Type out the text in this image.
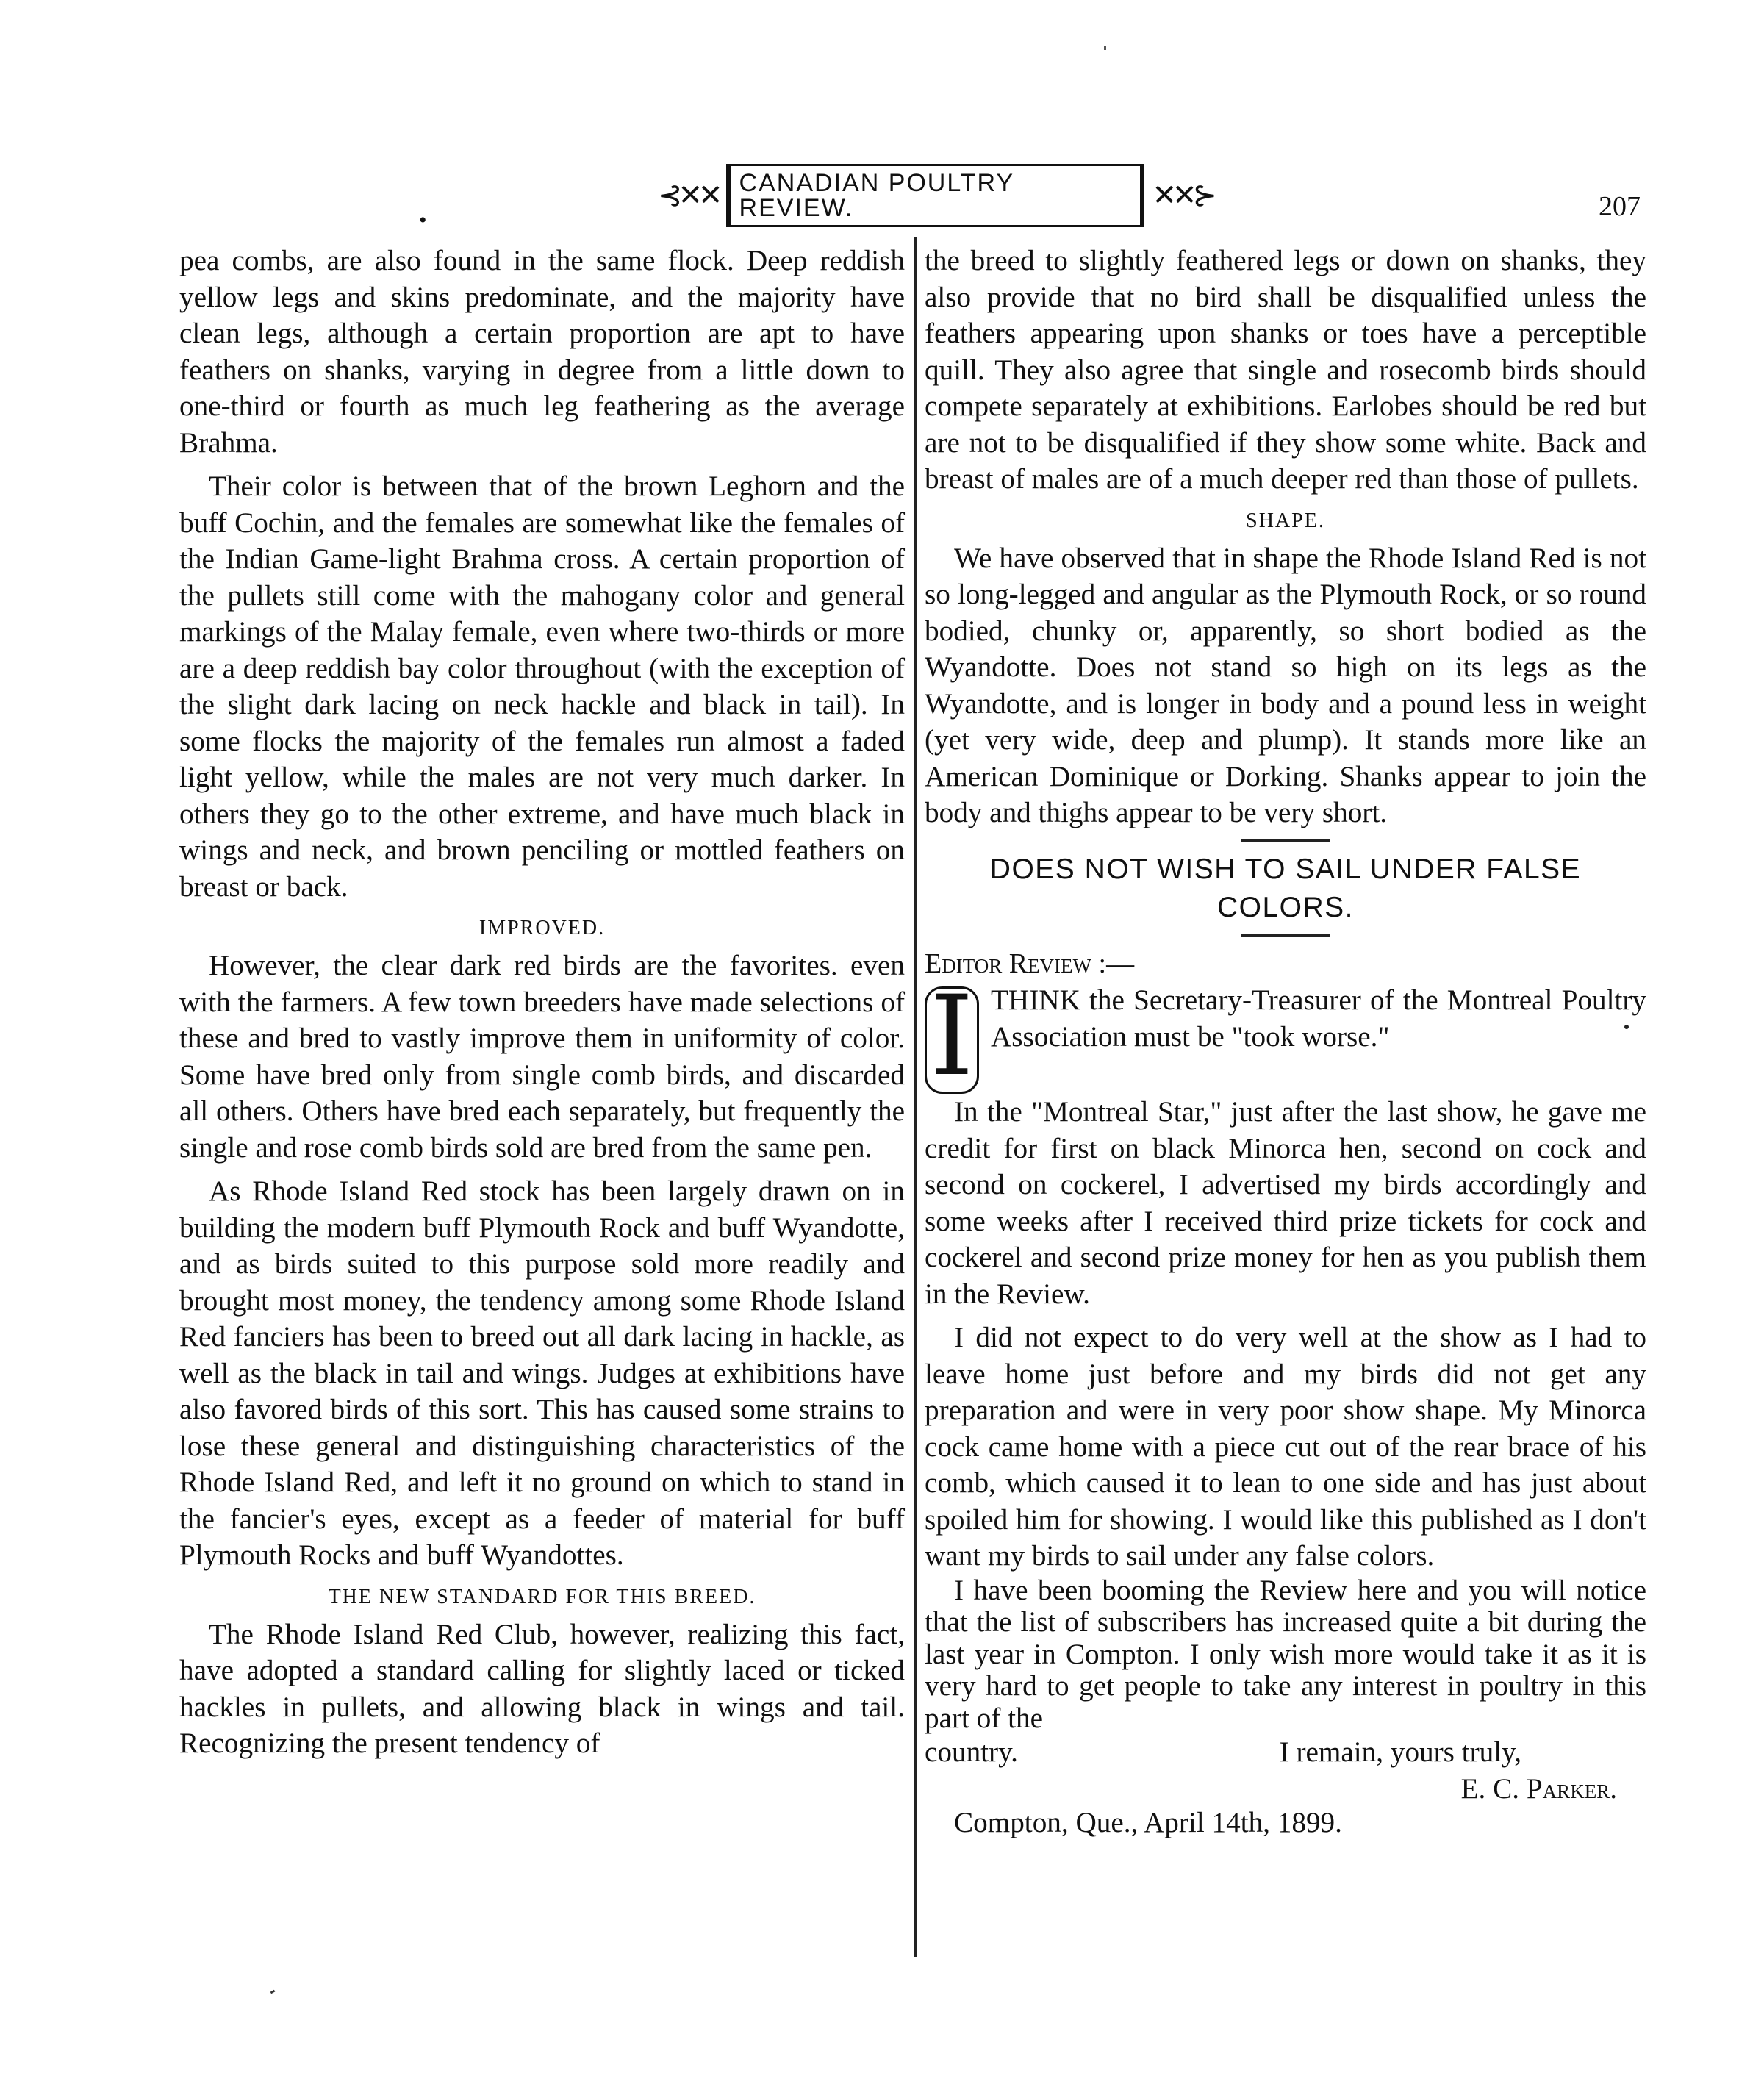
⊰✕✕ CANADIAN POULTRY REVIEW.	✕✕⊱
•	207

pea combs, are also found in the same flock. Deep reddish yellow legs and skins predominate, and the majority have clean legs, although a certain proportion are apt to have feathers on shanks, varying in degree from a little down to one-third or fourth as much leg feathering as the average Brahma.

Their color is between that of the brown Leghorn and the buff Cochin, and the females are somewhat like the females of the Indian Game-light Brahma cross. A certain proportion of the pullets still come with the mahogany color and general markings of the Malay female, even where two-thirds or more are a deep reddish bay color throughout (with the exception of the slight dark lacing on neck hackle and black in tail). In some flocks the majority of the females run almost a faded light yellow, while the males are not very much darker. In others they go to the other extreme, and have much black in wings and neck, and brown penciling or mottled feathers on breast or back.

IMPROVED.

However, the clear dark red birds are the favorites. even with the farmers. A few town breeders have made selections of these and bred to vastly improve them in uniformity of color. Some have bred only from single comb birds, and discarded all others. Others have bred each separately, but frequently the single and rose comb birds sold are bred from the same pen.

As Rhode Island Red stock has been largely drawn on in building the modern buff Plymouth Rock and buff Wyandotte, and as birds suited to this purpose sold more readily and brought most money, the tendency among some Rhode Island Red fanciers has been to breed out all dark lacing in hackle, as well as the black in tail and wings. Judges at exhibitions have also favored birds of this sort. This has caused some strains to lose these general and distinguishing characteristics of the Rhode Island Red, and left it no ground on which to stand in the fancier's eyes, except as a feeder of material for buff Plymouth Rocks and buff Wyandottes.

THE NEW STANDARD FOR THIS BREED.

The Rhode Island Red Club, however, realizing this fact, have adopted a standard calling for slightly laced or ticked hackles in pullets, and allowing black in wings and tail. Recognizing the present tendency of

the breed to slightly feathered legs or down on shanks, they also provide that no bird shall be disqualified unless the feathers appearing upon shanks or toes have a perceptible quill. They also agree that single and rosecomb birds should compete separately at exhibitions. Earlobes should be red but are not to be disqualified if they show some white. Back and breast of males are of a much deeper red than those of pullets.

SHAPE.

We have observed that in shape the Rhode Island Red is not so long-legged and angular as the Plymouth Rock, or so round bodied, chunky or, apparently, so short bodied as the Wyandotte. Does not stand so high on its legs as the Wyandotte, and is longer in body and a pound less in weight (yet very wide, deep and plump). It stands more like an American Dominique or Dorking. Shanks appear to join the body and thighs appear to be very short.

DOES NOT WISH TO SAIL UNDER FALSE COLORS.

Editor Review :—

I THINK the Secretary-Treasurer of the Montreal Poultry Association must be "took worse."

In the "Montreal Star," just after the last show, he gave me credit for first on black Minorca hen, second on cock and second on cockerel, I advertised my birds accordingly and some weeks after I received third prize tickets for cock and cockerel and second prize money for hen as you publish them in the Review.

I did not expect to do very well at the show as I had to leave home just before and my birds did not get any preparation and were in very poor show shape. My Minorca cock came home with a piece cut out of the rear brace of his comb, which caused it to lean to one side and has just about spoiled him for showing. I would like this published as I don't want my birds to sail under any false colors.

I have been booming the Review here and you will notice that the list of subscribers has increased quite a bit during the last year in Compton. I only wish more would take it as it is very hard to get people to take any interest in poultry in this part of the

country.	I remain, yours truly,
E. C. Parker.

Compton, Que., April 14th, 1899.
